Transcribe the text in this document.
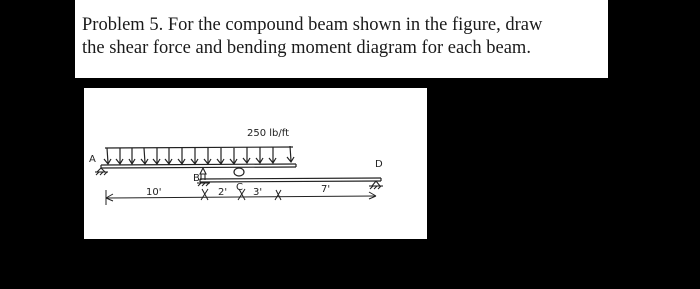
Problem 5. For the compound beam shown in the figure, draw
the shear force and bending moment diagram for each beam.
250 lb/ft
A
B
C
D
10'	2'	3'	7'
